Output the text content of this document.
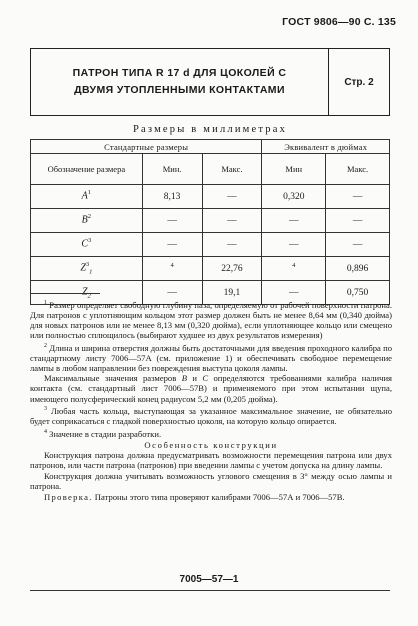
ГОСТ 9806—90 С. 135
ПАТРОН ТИПА R 17 d ДЛЯ ЦОКОЛЕЙ С
ДВУМЯ УТОПЛЕННЫМИ КОНТАКТАМИ
Стр. 2
Размеры в миллиметрах
Стандартные размеры			Эквивалент в дюймах	
Обозначение размера	Мин.	Макс.	Мин	Макс.
$A^1$	8,13	—	0,320	—
$B^2$	—	—	—	—
$C^3$	—	—	—	—
$Z^3_1$	$^4$	22,76	$^4$	0,896
$Z_2$	—	19,1	—	0,750

$^1$ Размер определяет свободную глубину паза, определяемую от рабочей поверхности патрона. Для патронов с уплотняющим кольцом этот размер должен быть не менее 8,64 мм (0,340 дюйма) для новых патронов или не менее 8,13 мм (0,320 дюйма), если уплотняющее кольцо или смещено или полностью сплющилось (выбирают худшее из двух результатов измерения)

$^2$ Длина и ширина отверстия должны быть достаточными для введения проходного калибра по стандартному листу 7006—57А (см. приложение 1) и обеспечивать свободное перемещение лампы в любом направлении без повреждения выступа цоколя лампы.

Максимальные значения размеров B и C определяются требованиями калибра наличия контакта (см. стандартный лист 7006—57В) и применяемого при этом испытании щупа, имеющего полусферический конец радиусом 5,2 мм (0,205 дюйма).

$^3$ Любая часть кольца, выступающая за указанное максимальное значение, не обязательно будет соприкасаться с гладкой поверхностью цоколя, на которую кольцо опирается.

$^4$ Значение в стадии разработки.

Особенность конструкции

Конструкция патрона должна предусматривать возможности перемещения патрона или двух патронов, или части патрона (патронов) при введении лампы с учетом допуска на длину лампы.

Конструкция должна учитывать возможность углового смещения в 3° между осью лампы и патрона.

Проверка. Патроны этого типа проверяют калибрами 7006—57А и 7006—57В.

7005—57—1
